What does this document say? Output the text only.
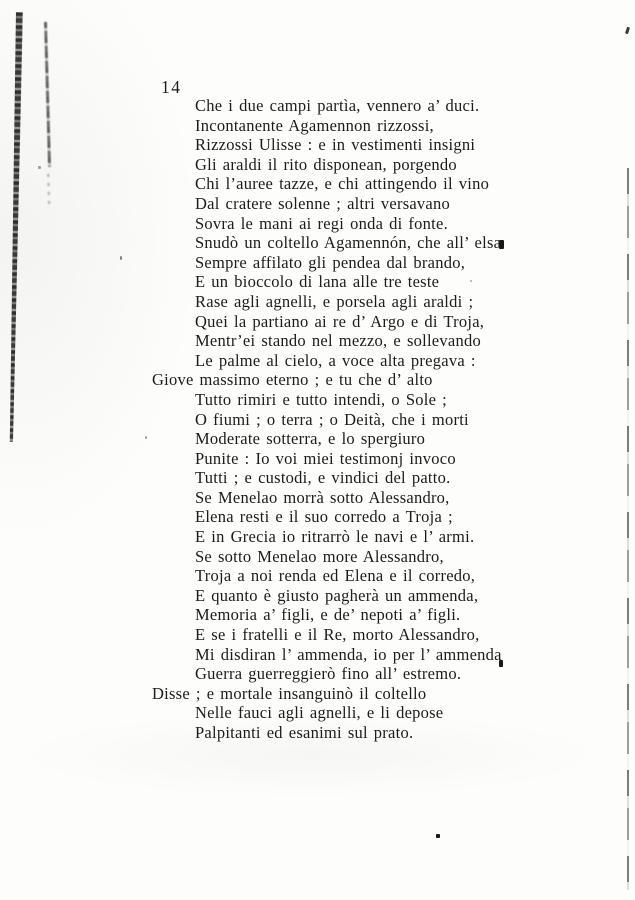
14
Che i due campi partìa, vennero a’ duci.
Incontanente Agamennon rizzossi,
Rizzossi Ulisse : e in vestimenti insigni
Gli araldi il rito disponean, porgendo
Chi l’auree tazze, e chi attingendo il vino
Dal cratere solenne ; altri versavano
Sovra le mani ai regi onda di fonte.
Snudò un coltello Agamennón, che all’ elsa
Sempre affilato gli pendea dal brando,
E un bioccolo di lana alle tre teste
Rase agli agnelli, e porsela agli araldi ;
Quei la partiano ai re d’ Argo e di Troja,
Mentr’ei stando nel mezzo, e sollevando
Le palme al cielo, a voce alta pregava :
Giove massimo eterno ; e tu che d’ alto
Tutto rimiri e tutto intendi, o Sole ;
O fiumi ; o terra ; o Deità, che i morti
Moderate sotterra, e lo spergiuro
Punite : Io voi miei testimonj invoco
Tutti ; e custodi, e vindici del patto.
Se Menelao morrà sotto Alessandro,
Elena resti e il suo corredo a Troja ;
E in Grecia io ritrarrò le navi e l’ armi.
Se sotto Menelao more Alessandro,
Troja a noi renda ed Elena e il corredo,
E quanto è giusto pagherà un ammenda,
Memoria a’ figli, e de’ nepoti a’ figli.
E se i fratelli e il Re, morto Alessandro,
Mi disdiran l’ ammenda, io per l’ ammenda
Guerra guerreggierò fino all’ estremo.
Disse ; e mortale insanguinò il coltello
Nelle fauci agli agnelli, e li depose
Palpitanti ed esanimi sul prato.
